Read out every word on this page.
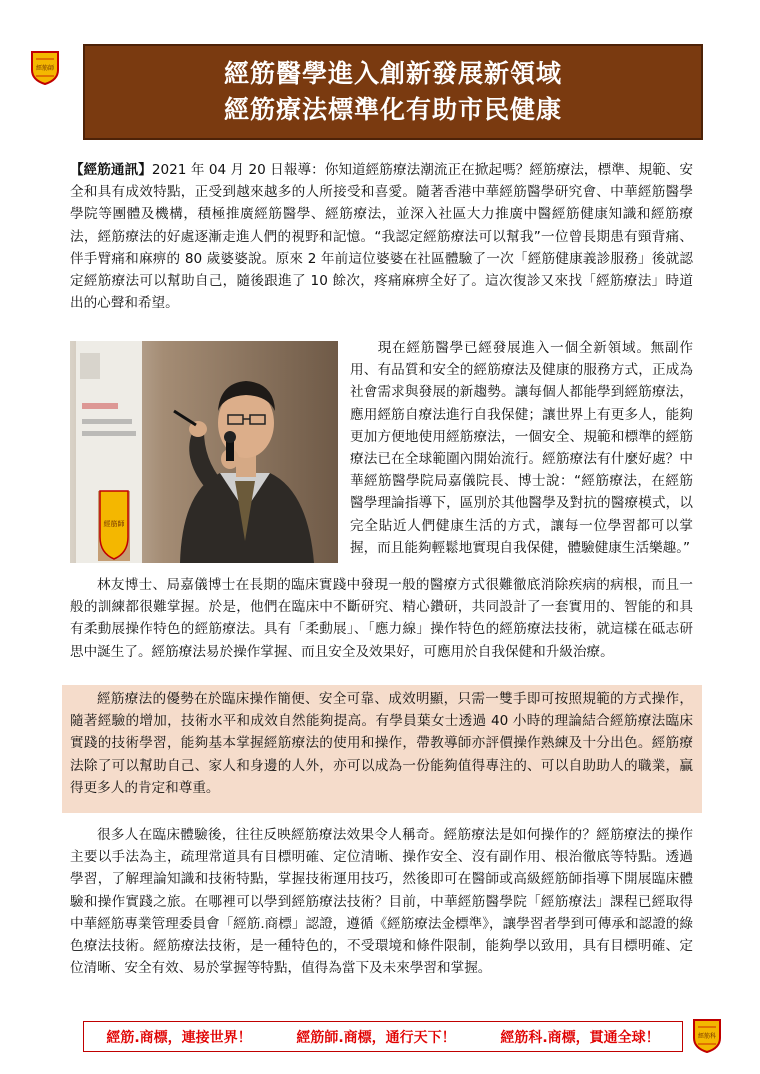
經筋師	經筋醫學進入創新發展新領域
經筋療法標準化有助市民健康

【經筋通訊】2021 年 04 月 20 日報導：你知道經筋療法潮流正在掀起嗎？經筋療法，標準、規範、安全和具有成效特點，正受到越來越多的人所接受和喜愛。隨著香港中華經筋醫學研究會、中華經筋醫學學院等團體及機構，積極推廣經筋醫學、經筋療法，並深入社區大力推廣中醫經筋健康知識和經筋療法，經筋療法的好處逐漸走進人們的視野和記憶。“我認定經筋療法可以幫我”一位曾長期患有頸背痛、伴手臂痛和麻痹的 80 歲婆婆說。原來 2 年前這位婆婆在社區體驗了一次「經筋健康義診服務」後就認定經筋療法可以幫助自己，隨後跟進了 10 餘次，疼痛麻痹全好了。這次復診又來找「經筋療法」時道出的心聲和希望。

經筋師
現在經筋醫學已經發展進入一個全新領域。無副作用、有品質和安全的經筋療法及健康的服務方式，正成為社會需求與發展的新趨勢。讓每個人都能學到經筋療法，應用經筋自療法進行自我保健；讓世界上有更多人，能夠更加方便地使用經筋療法，一個安全、規範和標準的經筋療法已在全球範圍內開始流行。經筋療法有什麼好處？中華經筋醫學院局嘉儀院長、博士說：“經筋療法，在經筋醫學理論指導下，區別於其他醫學及對抗的醫療模式，以完全貼近人們健康生活的方式，讓每一位學習都可以掌握，而且能夠輕鬆地實現自我保健，體驗健康生活樂趣。”

林友博士、局嘉儀博士在長期的臨床實踐中發現一般的醫療方式很難徹底消除疾病的病根，而且一般的訓練都很難掌握。於是，他們在臨床中不斷研究、精心鑽研，共同設計了一套實用的、智能的和具有柔動展操作特色的經筋療法。具有「柔動展」、「應力線」操作特色的經筋療法技術，就這樣在砥志研思中誕生了。經筋療法易於操作掌握、而且安全及效果好，可應用於自我保健和升級治療。

經筋療法的優勢在於臨床操作簡便、安全可靠、成效明顯，只需一雙手即可按照規範的方式操作，隨著經驗的增加，技術水平和成效自然能夠提高。有學員葉女士透過 40 小時的理論結合經筋療法臨床實踐的技術學習，能夠基本掌握經筋療法的使用和操作，帶教導師亦評價操作熟練及十分出色。經筋療法除了可以幫助自己、家人和身邊的人外，亦可以成為一份能夠值得專注的、可以自助助人的職業，贏得更多人的肯定和尊重。

很多人在臨床體驗後，往往反映經筋療法效果令人稱奇。經筋療法是如何操作的？經筋療法的操作主要以手法為主，疏理常道具有目標明確、定位清晰、操作安全、沒有副作用、根治徹底等特點。透過學習，了解理論知識和技術特點，掌握技術運用技巧，然後即可在醫師或高級經筋師指導下開展臨床體驗和操作實踐之旅。在哪裡可以學到經筋療法技術？目前，中華經筋醫學院「經筋療法」課程已經取得中華經筋專業管理委員會「經筋.商標」認證，遵循《經筋療法金標準》，讓學習者學到可傳承和認證的綠色療法技術。經筋療法技術，是一種特色的，不受環境和條件限制，能夠學以致用，具有目標明確、定位清晰、安全有效、易於掌握等特點，值得為當下及未來學習和掌握。

經筋科
經筋.商標，連接世界！	經筋師.商標，通行天下！	經筋科.商標，貫通全球！
